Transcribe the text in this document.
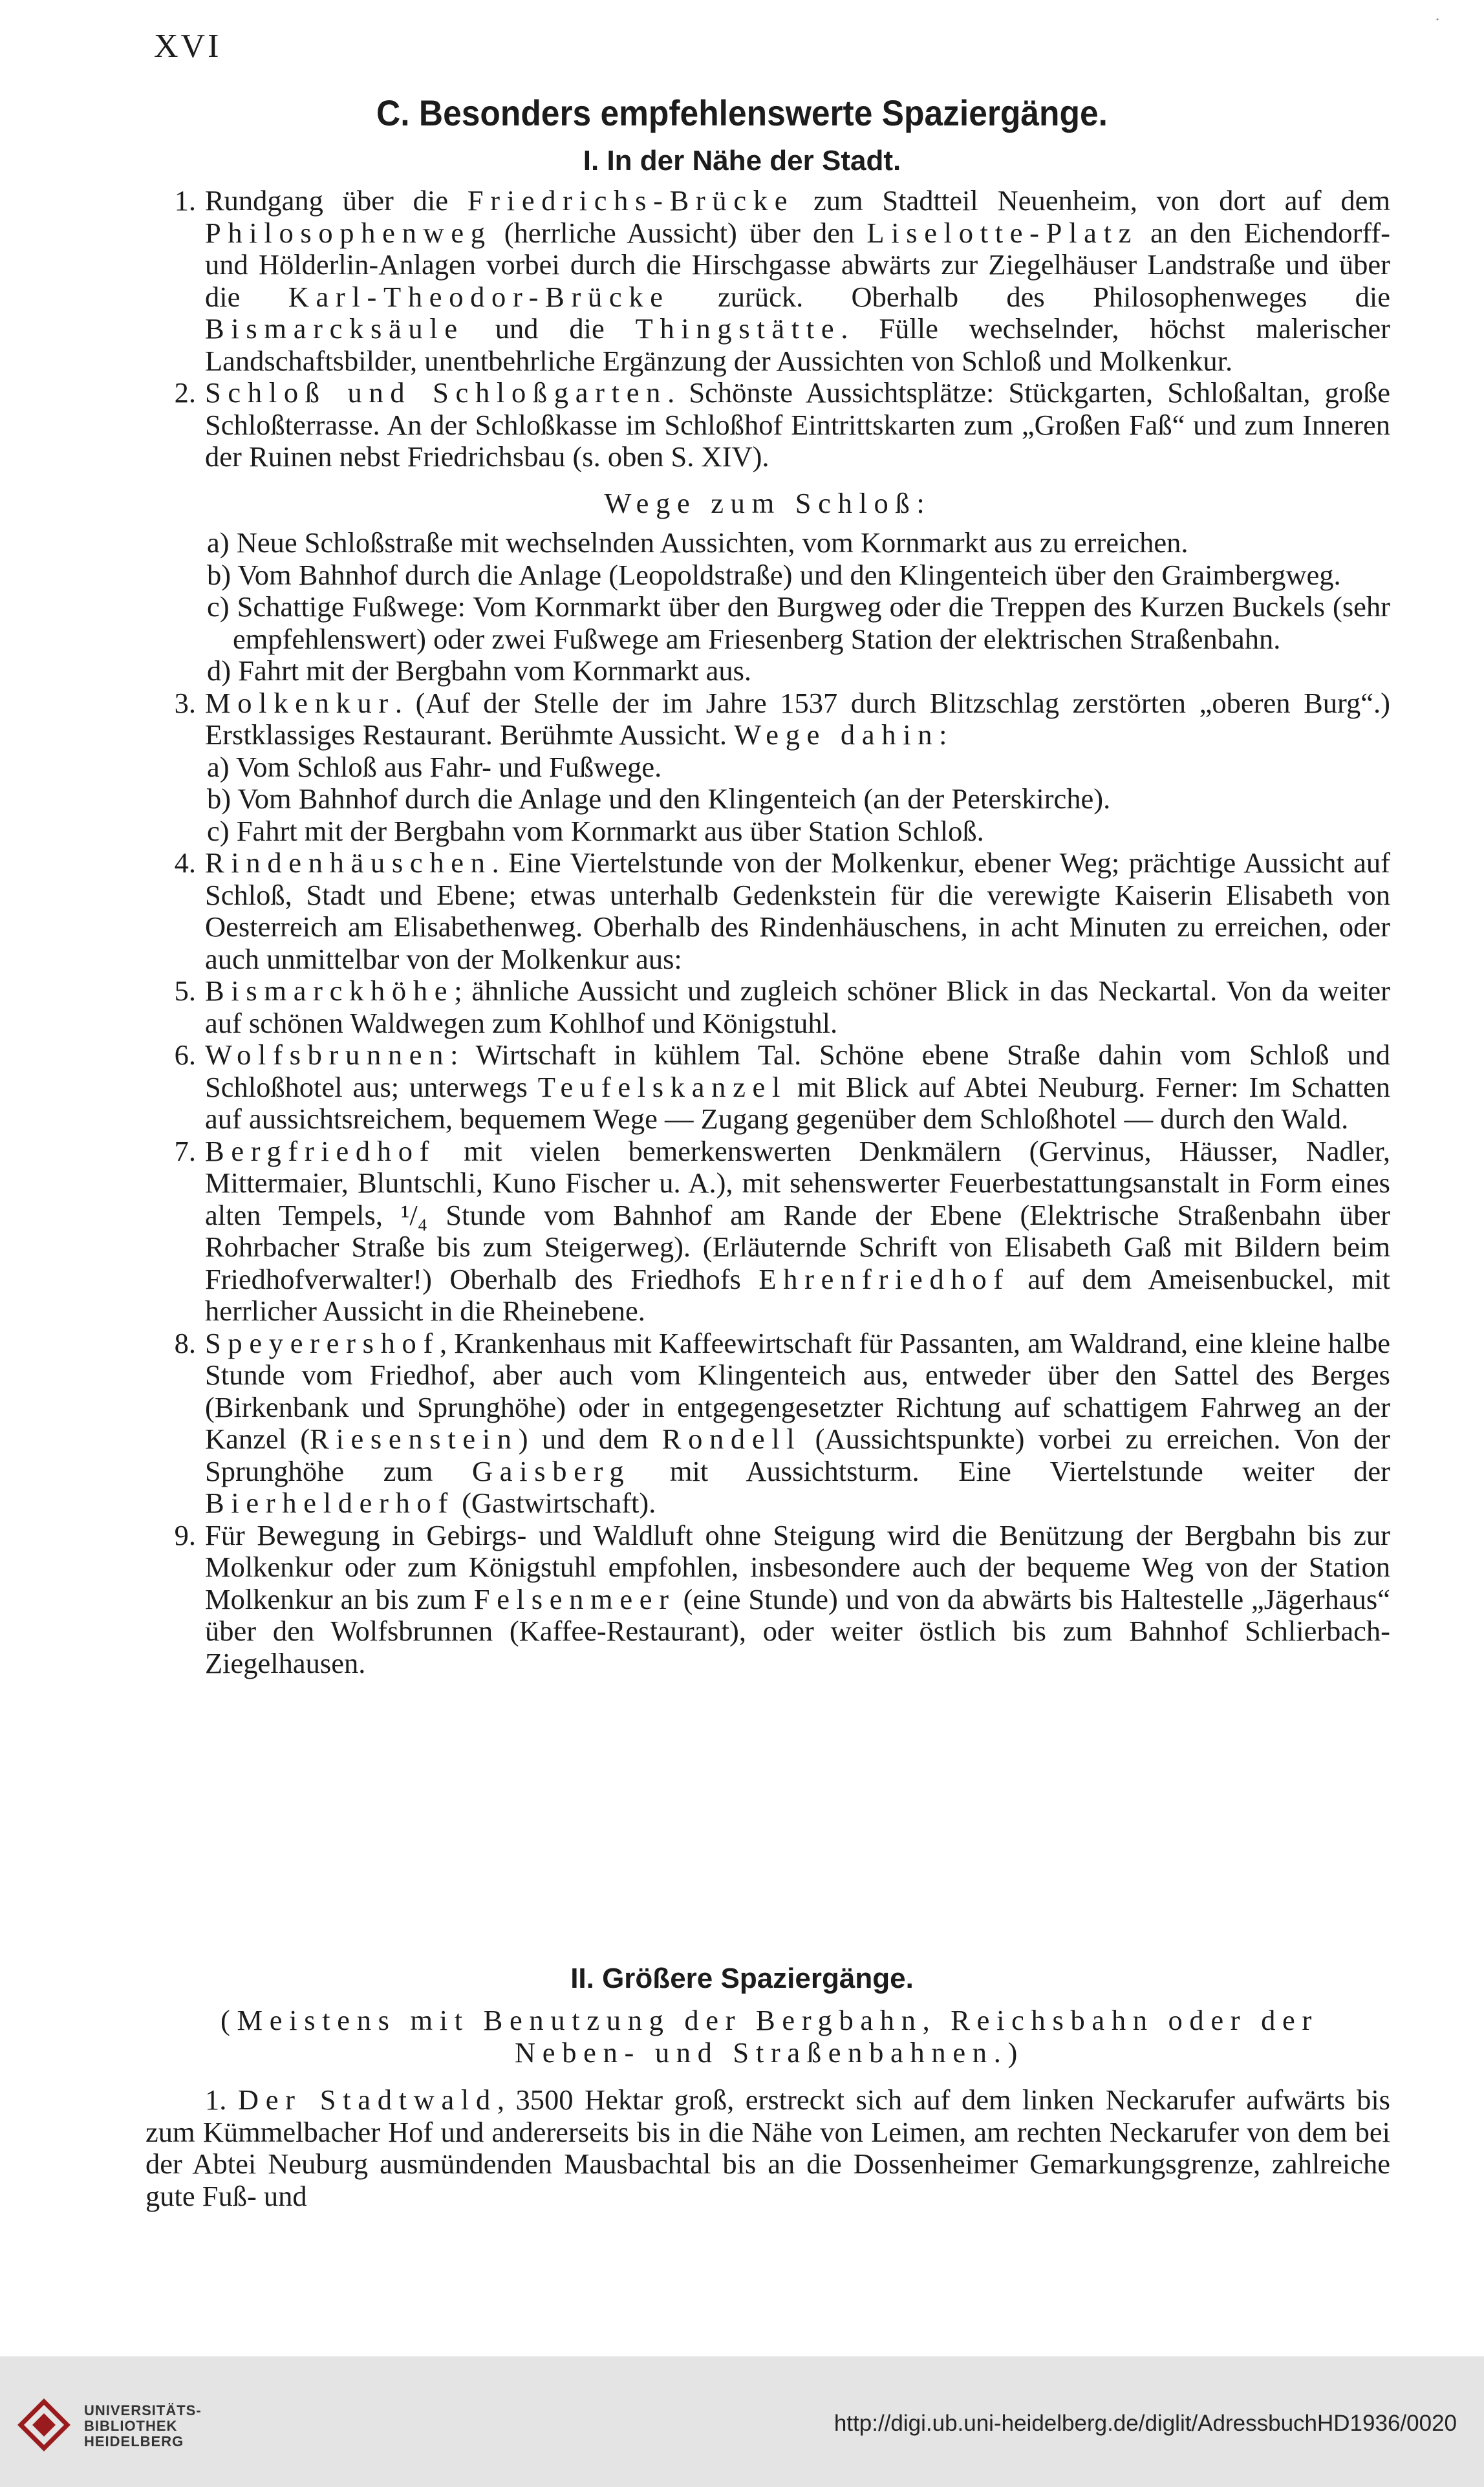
XVI
˙
C. Besonders empfehlenswerte Spaziergänge.
I. In der Nähe der Stadt.
1. Rundgang über die Friedrichs-Brücke zum Stadtteil Neuenheim, von dort auf dem Philosophenweg (herrliche Aussicht) über den Liselotte-Platz an den Eichendorff- und Hölderlin-Anlagen vorbei durch die Hirschgasse abwärts zur Ziegelhäuser Landstraße und über die Karl-Theodor-Brücke zurück. Oberhalb des Philosophenweges die Bismarcksäule und die Thingstätte. Fülle wechselnder, höchst malerischer Landschaftsbilder, unentbehrliche Ergänzung der Aussichten von Schloß und Molkenkur.
2. Schloß und Schloßgarten. Schönste Aussichtsplätze: Stückgarten, Schloßaltan, große Schloßterrasse. An der Schloßkasse im Schloßhof Eintrittskarten zum „Großen Faß“ und zum Inneren der Ruinen nebst Friedrichsbau (s. oben S. XIV).
Wege zum Schloß:
a) Neue Schloßstraße mit wechselnden Aussichten, vom Kornmarkt aus zu erreichen.
b) Vom Bahnhof durch die Anlage (Leopoldstraße) und den Klingenteich über den Graimbergweg.
c) Schattige Fußwege: Vom Kornmarkt über den Burgweg oder die Treppen des Kurzen Buckels (sehr empfehlenswert) oder zwei Fußwege am Friesenberg Station der elektrischen Straßenbahn.
d) Fahrt mit der Bergbahn vom Kornmarkt aus.
3. Molkenkur. (Auf der Stelle der im Jahre 1537 durch Blitzschlag zerstörten „oberen Burg“.) Erstklassiges Restaurant. Berühmte Aussicht. Wege dahin:
a) Vom Schloß aus Fahr- und Fußwege.
b) Vom Bahnhof durch die Anlage und den Klingenteich (an der Peterskirche).
c) Fahrt mit der Bergbahn vom Kornmarkt aus über Station Schloß.
4. Rindenhäuschen. Eine Viertelstunde von der Molkenkur, ebener Weg; prächtige Aussicht auf Schloß, Stadt und Ebene; etwas unterhalb Gedenkstein für die verewigte Kaiserin Elisabeth von Oesterreich am Elisabethenweg. Oberhalb des Rindenhäuschens, in acht Minuten zu erreichen, oder auch unmittelbar von der Molkenkur aus:
5. Bismarckhöhe; ähnliche Aussicht und zugleich schöner Blick in das Neckartal. Von da weiter auf schönen Waldwegen zum Kohlhof und Königstuhl.
6. Wolfsbrunnen: Wirtschaft in kühlem Tal. Schöne ebene Straße dahin vom Schloß und Schloßhotel aus; unterwegs Teufelskanzel mit Blick auf Abtei Neuburg. Ferner: Im Schatten auf aussichtsreichem, bequemem Wege — Zugang gegenüber dem Schloßhotel — durch den Wald.
7. Bergfriedhof mit vielen bemerkenswerten Denkmälern (Gervinus, Häusser, Nadler, Mittermaier, Bluntschli, Kuno Fischer u. A.), mit sehenswerter Feuerbestattungsanstalt in Form eines alten Tempels, ¹/₄ Stunde vom Bahnhof am Rande der Ebene (Elektrische Straßenbahn über Rohrbacher Straße bis zum Steigerweg). (Erläuternde Schrift von Elisabeth Gaß mit Bildern beim Friedhofverwalter!) Oberhalb des Friedhofs Ehrenfriedhof auf dem Ameisenbuckel, mit herrlicher Aussicht in die Rheinebene.
8. Speyerershof, Krankenhaus mit Kaffeewirtschaft für Passanten, am Waldrand, eine kleine halbe Stunde vom Friedhof, aber auch vom Klingenteich aus, entweder über den Sattel des Berges (Birkenbank und Sprunghöhe) oder in entgegengesetzter Richtung auf schattigem Fahrweg an der Kanzel (Riesenstein) und dem Rondell (Aussichtspunkte) vorbei zu erreichen. Von der Sprunghöhe zum Gaisberg mit Aussichtsturm. Eine Viertelstunde weiter der Bierhelderhof (Gastwirtschaft).
9. Für Bewegung in Gebirgs- und Waldluft ohne Steigung wird die Benützung der Bergbahn bis zur Molkenkur oder zum Königstuhl empfohlen, insbesondere auch der bequeme Weg von der Station Molkenkur an bis zum Felsenmeer (eine Stunde) und von da abwärts bis Haltestelle „Jägerhaus“ über den Wolfsbrunnen (Kaffee-Restaurant), oder weiter östlich bis zum Bahnhof Schlierbach-Ziegelhausen.
II. Größere Spaziergänge.
(Meistens mit Benutzung der Bergbahn, Reichsbahn oder der Neben- und Straßenbahnen.)
1. Der Stadtwald, 3500 Hektar groß, erstreckt sich auf dem linken Neckarufer aufwärts bis zum Kümmelbacher Hof und andererseits bis in die Nähe von Leimen, am rechten Neckarufer von dem bei der Abtei Neuburg ausmündenden Mausbachtal bis an die Dossenheimer Gemarkungsgrenze, zahlreiche gute Fuß- und
UNIVERSITÄTS-
BIBLIOTHEK
HEIDELBERG
http://digi.ub.uni-heidelberg.de/diglit/AdressbuchHD1936/0020
